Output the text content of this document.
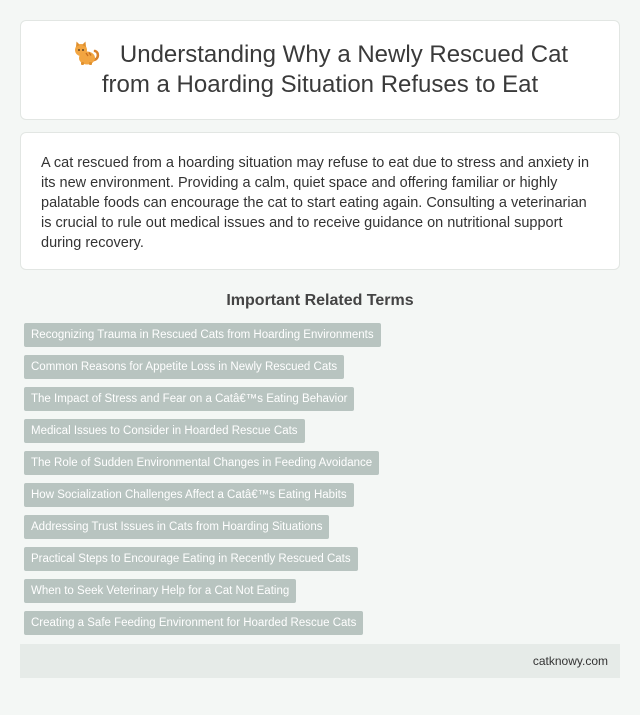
Understanding Why a Newly Rescued Cat from a Hoarding Situation Refuses to Eat

A cat rescued from a hoarding situation may refuse to eat due to stress and anxiety in its new environment. Providing a calm, quiet space and offering familiar or highly palatable foods can encourage the cat to start eating again. Consulting a veterinarian is crucial to rule out medical issues and to receive guidance on nutritional support during recovery.

Important Related Terms
Recognizing Trauma in Rescued Cats from Hoarding Environments
Common Reasons for Appetite Loss in Newly Rescued Cats
The Impact of Stress and Fear on a Catâ€™s Eating Behavior
Medical Issues to Consider in Hoarded Rescue Cats
The Role of Sudden Environmental Changes in Feeding Avoidance
How Socialization Challenges Affect a Catâ€™s Eating Habits
Addressing Trust Issues in Cats from Hoarding Situations
Practical Steps to Encourage Eating in Recently Rescued Cats
When to Seek Veterinary Help for a Cat Not Eating
Creating a Safe Feeding Environment for Hoarded Rescue Cats
catknowy.com
